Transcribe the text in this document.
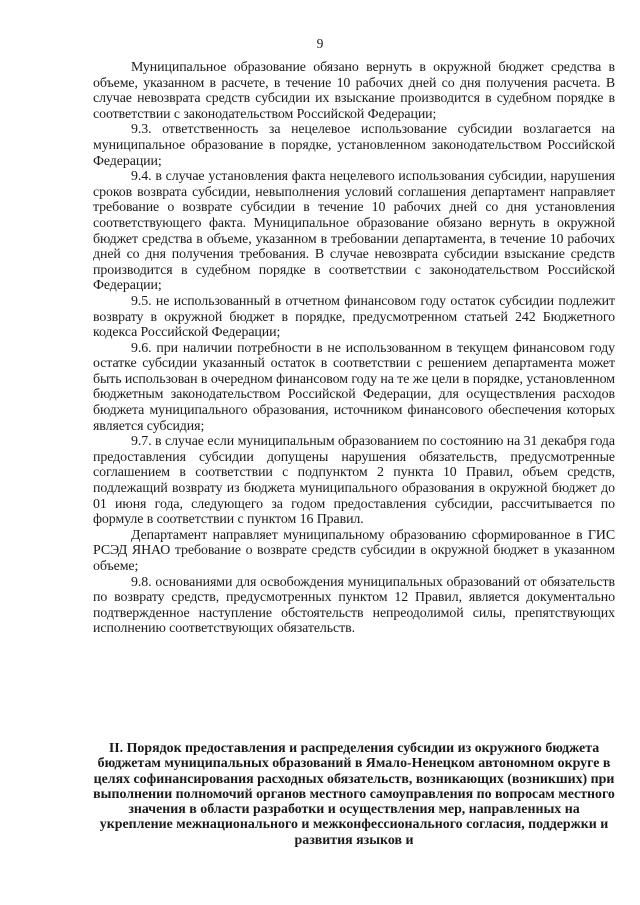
9

Муниципальное образование обязано вернуть в окружной бюджет средства в объеме, указанном в расчете, в течение 10 рабочих дней со дня получения расчета. В случае невозврата средств субсидии их взыскание производится в судебном порядке в соответствии с законодательством Российской Федерации;

9.3. ответственность за нецелевое использование субсидии возлагается на муниципальное образование в порядке, установленном законодательством Российской Федерации;

9.4. в случае установления факта нецелевого использования субсидии, нарушения сроков возврата субсидии, невыполнения условий соглашения департамент направляет требование о возврате субсидии в течение 10 рабочих дней со дня установления соответствующего факта. Муниципальное образование обязано вернуть в окружной бюджет средства в объеме, указанном в требовании департамента, в течение 10 рабочих дней со дня получения требования. В случае невозврата субсидии взыскание средств производится в судебном порядке в соответствии с законодательством Российской Федерации;

9.5. не использованный в отчетном финансовом году остаток субсидии подлежит возврату в окружной бюджет в порядке, предусмотренном статьей 242 Бюджетного кодекса Российской Федерации;

9.6. при наличии потребности в не использованном в текущем финансовом году остатке субсидии указанный остаток в соответствии с решением департамента может быть использован в очередном финансовом году на те же цели в порядке, установленном бюджетным законодательством Российской Федерации, для осуществления расходов бюджета муниципального образования, источником финансового обеспечения которых является субсидия;

9.7. в случае если муниципальным образованием по состоянию на 31 декабря года предоставления субсидии допущены нарушения обязательств, предусмотренные соглашением в соответствии с подпунктом 2 пункта 10 Правил, объем средств, подлежащий возврату из бюджета муниципального образования в окружной бюджет до 01 июня года, следующего за годом предоставления субсидии, рассчитывается по формуле в соответствии с пунктом 16 Правил.

Департамент направляет муниципальному образованию сформированное в ГИС РСЭД ЯНАО требование о возврате средств субсидии в окружной бюджет в указанном объеме;

9.8. основаниями для освобождения муниципальных образований от обязательств по возврату средств, предусмотренных пунктом 12 Правил, является документально подтвержденное наступление обстоятельств непреодолимой силы, препятствующих исполнению соответствующих обязательств.

II. Порядок предоставления и распределения субсидии из окружного бюджета бюджетам муниципальных образований в Ямало-Ненецком автономном округе в целях софинансирования расходных обязательств, возникающих (возникших) при выполнении полномочий органов местного самоуправления по вопросам местного значения в области разработки и осуществления мер, направленных на укрепление межнационального и межконфессионального согласия, поддержки и развития языков и
